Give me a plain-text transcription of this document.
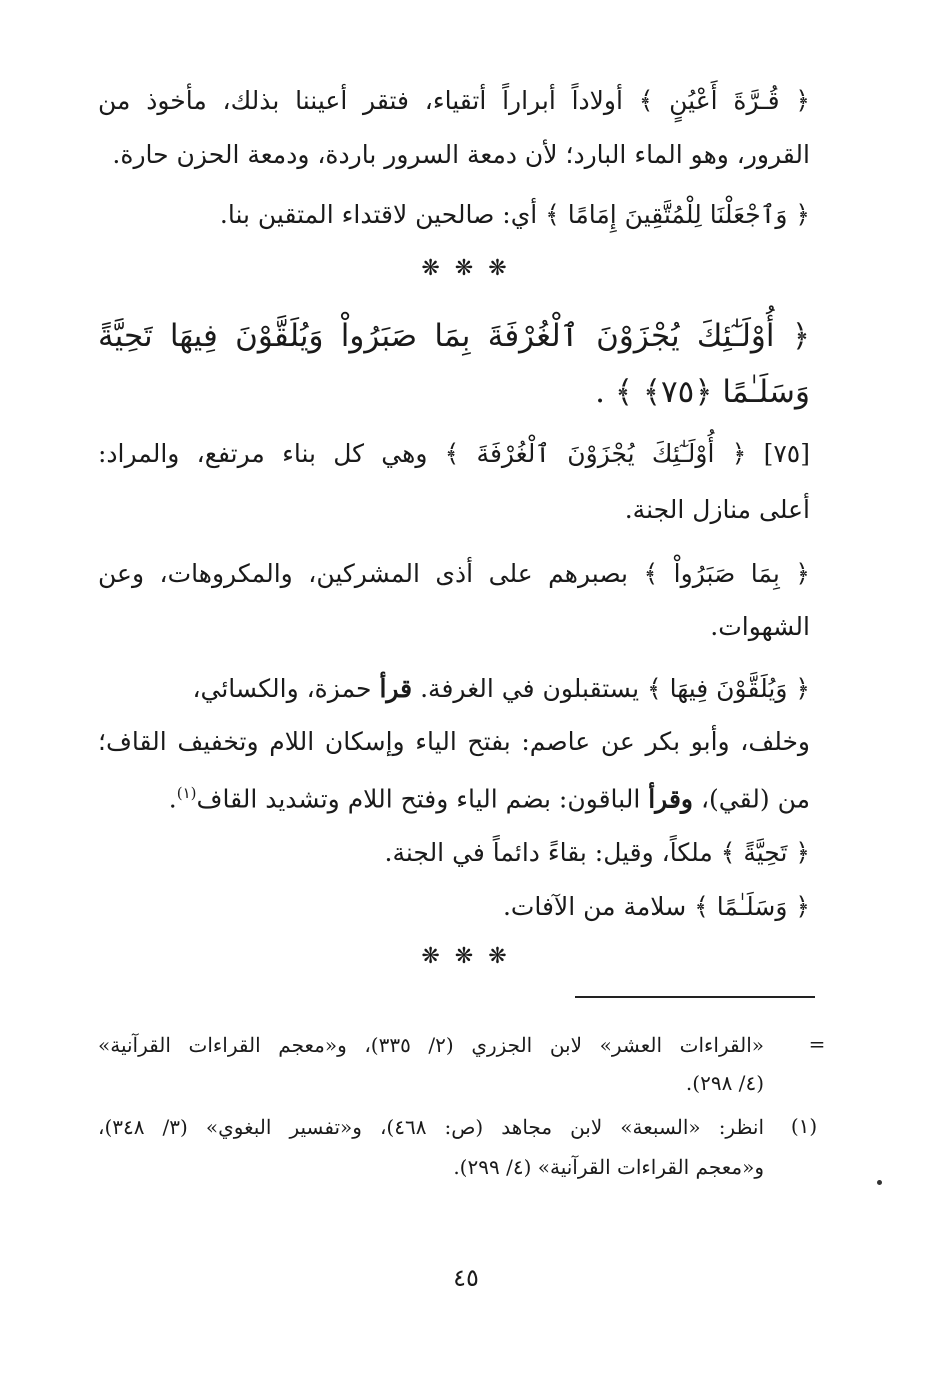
﴿ قُـرَّةَ أَعْيُنٍ ﴾ أولاداً أبراراً أتقياء، فتقر أعيننا بذلك، مأخوذ من
القرور، وهو الماء البارد؛ لأن دمعة السرور باردة، ودمعة الحزن حارة.
﴿ وَٱجْعَلْنَا لِلْمُتَّقِينَ إِمَامًا ﴾ أي: صالحين لاقتداء المتقين بنا.
❋ ❋ ❋
﴿ أُوْلَـٰٓئِكَ يُجْزَوْنَ ٱلْغُرْفَةَ بِمَا صَبَرُواْ وَيُلَقَّوْنَ فِيهَا تَحِيَّةً
وَسَلَـٰمًا ﴿٧٥﴾ ﴾ .
[٧٥] ﴿ أُوْلَـٰٓئِكَ يُجْزَوْنَ ٱلْغُرْفَةَ ﴾ وهي كل بناء مرتفع، والمراد:
أعلى منازل الجنة.
﴿ بِمَا صَبَرُواْ ﴾ بصبرهم على أذى المشركين، والمكروهات، وعن
الشهوات.
﴿ وَيُلَقَّوْنَ فِيهَا ﴾ يستقبلون في الغرفة. قرأ حمزة، والكسائي،
وخلف، وأبو بكر عن عاصم: بفتح الياء وإسكان اللام وتخفيف القاف؛
من (لقي)، وقرأ الباقون: بضم الياء وفتح اللام وتشديد القاف$^{(١)}$.
﴿ تَحِيَّةً ﴾ ملكاً، وقيل: بقاءً دائماً في الجنة.
﴿ وَسَلَـٰمًا ﴾ سلامة من الآفات.
❋ ❋ ❋
=
«القراءات العشر» لابن الجزري (٢/ ٣٣٥)، و«معجم القراءات القرآنية»
(٤/ ٢٩٨).
(١)
انظر: «السبعة» لابن مجاهد (ص: ٤٦٨)، و«تفسير البغوي» (٣/ ٣٤٨)،
و«معجم القراءات القرآنية» (٤/ ٢٩٩).
٤٥
